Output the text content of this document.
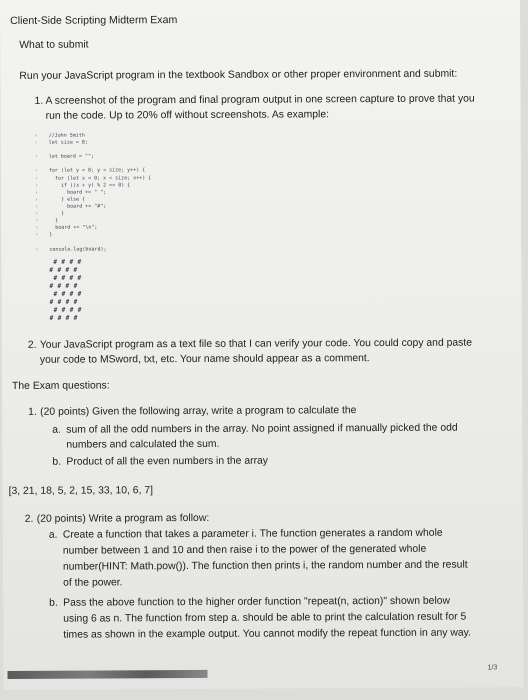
Client-Side Scripting Midterm Exam
What to submit
Run your JavaScript program in the textbook Sandbox or other proper environment and submit:
1. A screenshot of the program and final program output in one screen capture to prove that you
run the code. Up to 20% off without screenshots. As example:
›
›

›

›
›
›
›
›
›
›
›
›
›

›
//John Smith
let size = 8;

let board = "";

for (let y = 0; y < size; y++) {
for (let x = 0; x < size; x++) {
if ((x + y) % 2 == 0) {
board += " ";
} else {
board += "#";
}
}
board += "\n";
}

console.log(board);
# # # #
# # # #
# # # #
# # # #
# # # #
# # # #
# # # #
# # # #
2. Your JavaScript program as a text file so that I can verify your code. You could copy and paste
your code to MSword, txt, etc. Your name should appear as a comment.
The Exam questions:
1. (20 points) Given the following array, write a program to calculate the
a. sum of all the odd numbers in the array. No point assigned if manually picked the odd
numbers and calculated the sum.
b. Product of all the even numbers in the array
[3, 21, 18, 5, 2, 15, 33, 10, 6, 7]
2. (20 points) Write a program as follow:
a. Create a function that takes a parameter i. The function generates a random whole
number between 1 and 10 and then raise i to the power of the generated whole
number(HINT: Math.pow()). The function then prints i, the random number and the result
of the power.
b. Pass the above function to the higher order function "repeat(n, action)" shown below
using 6 as n. The function from step a. should be able to print the calculation result for 5
times as shown in the example output. You cannot modify the repeat function in any way.
1/3
